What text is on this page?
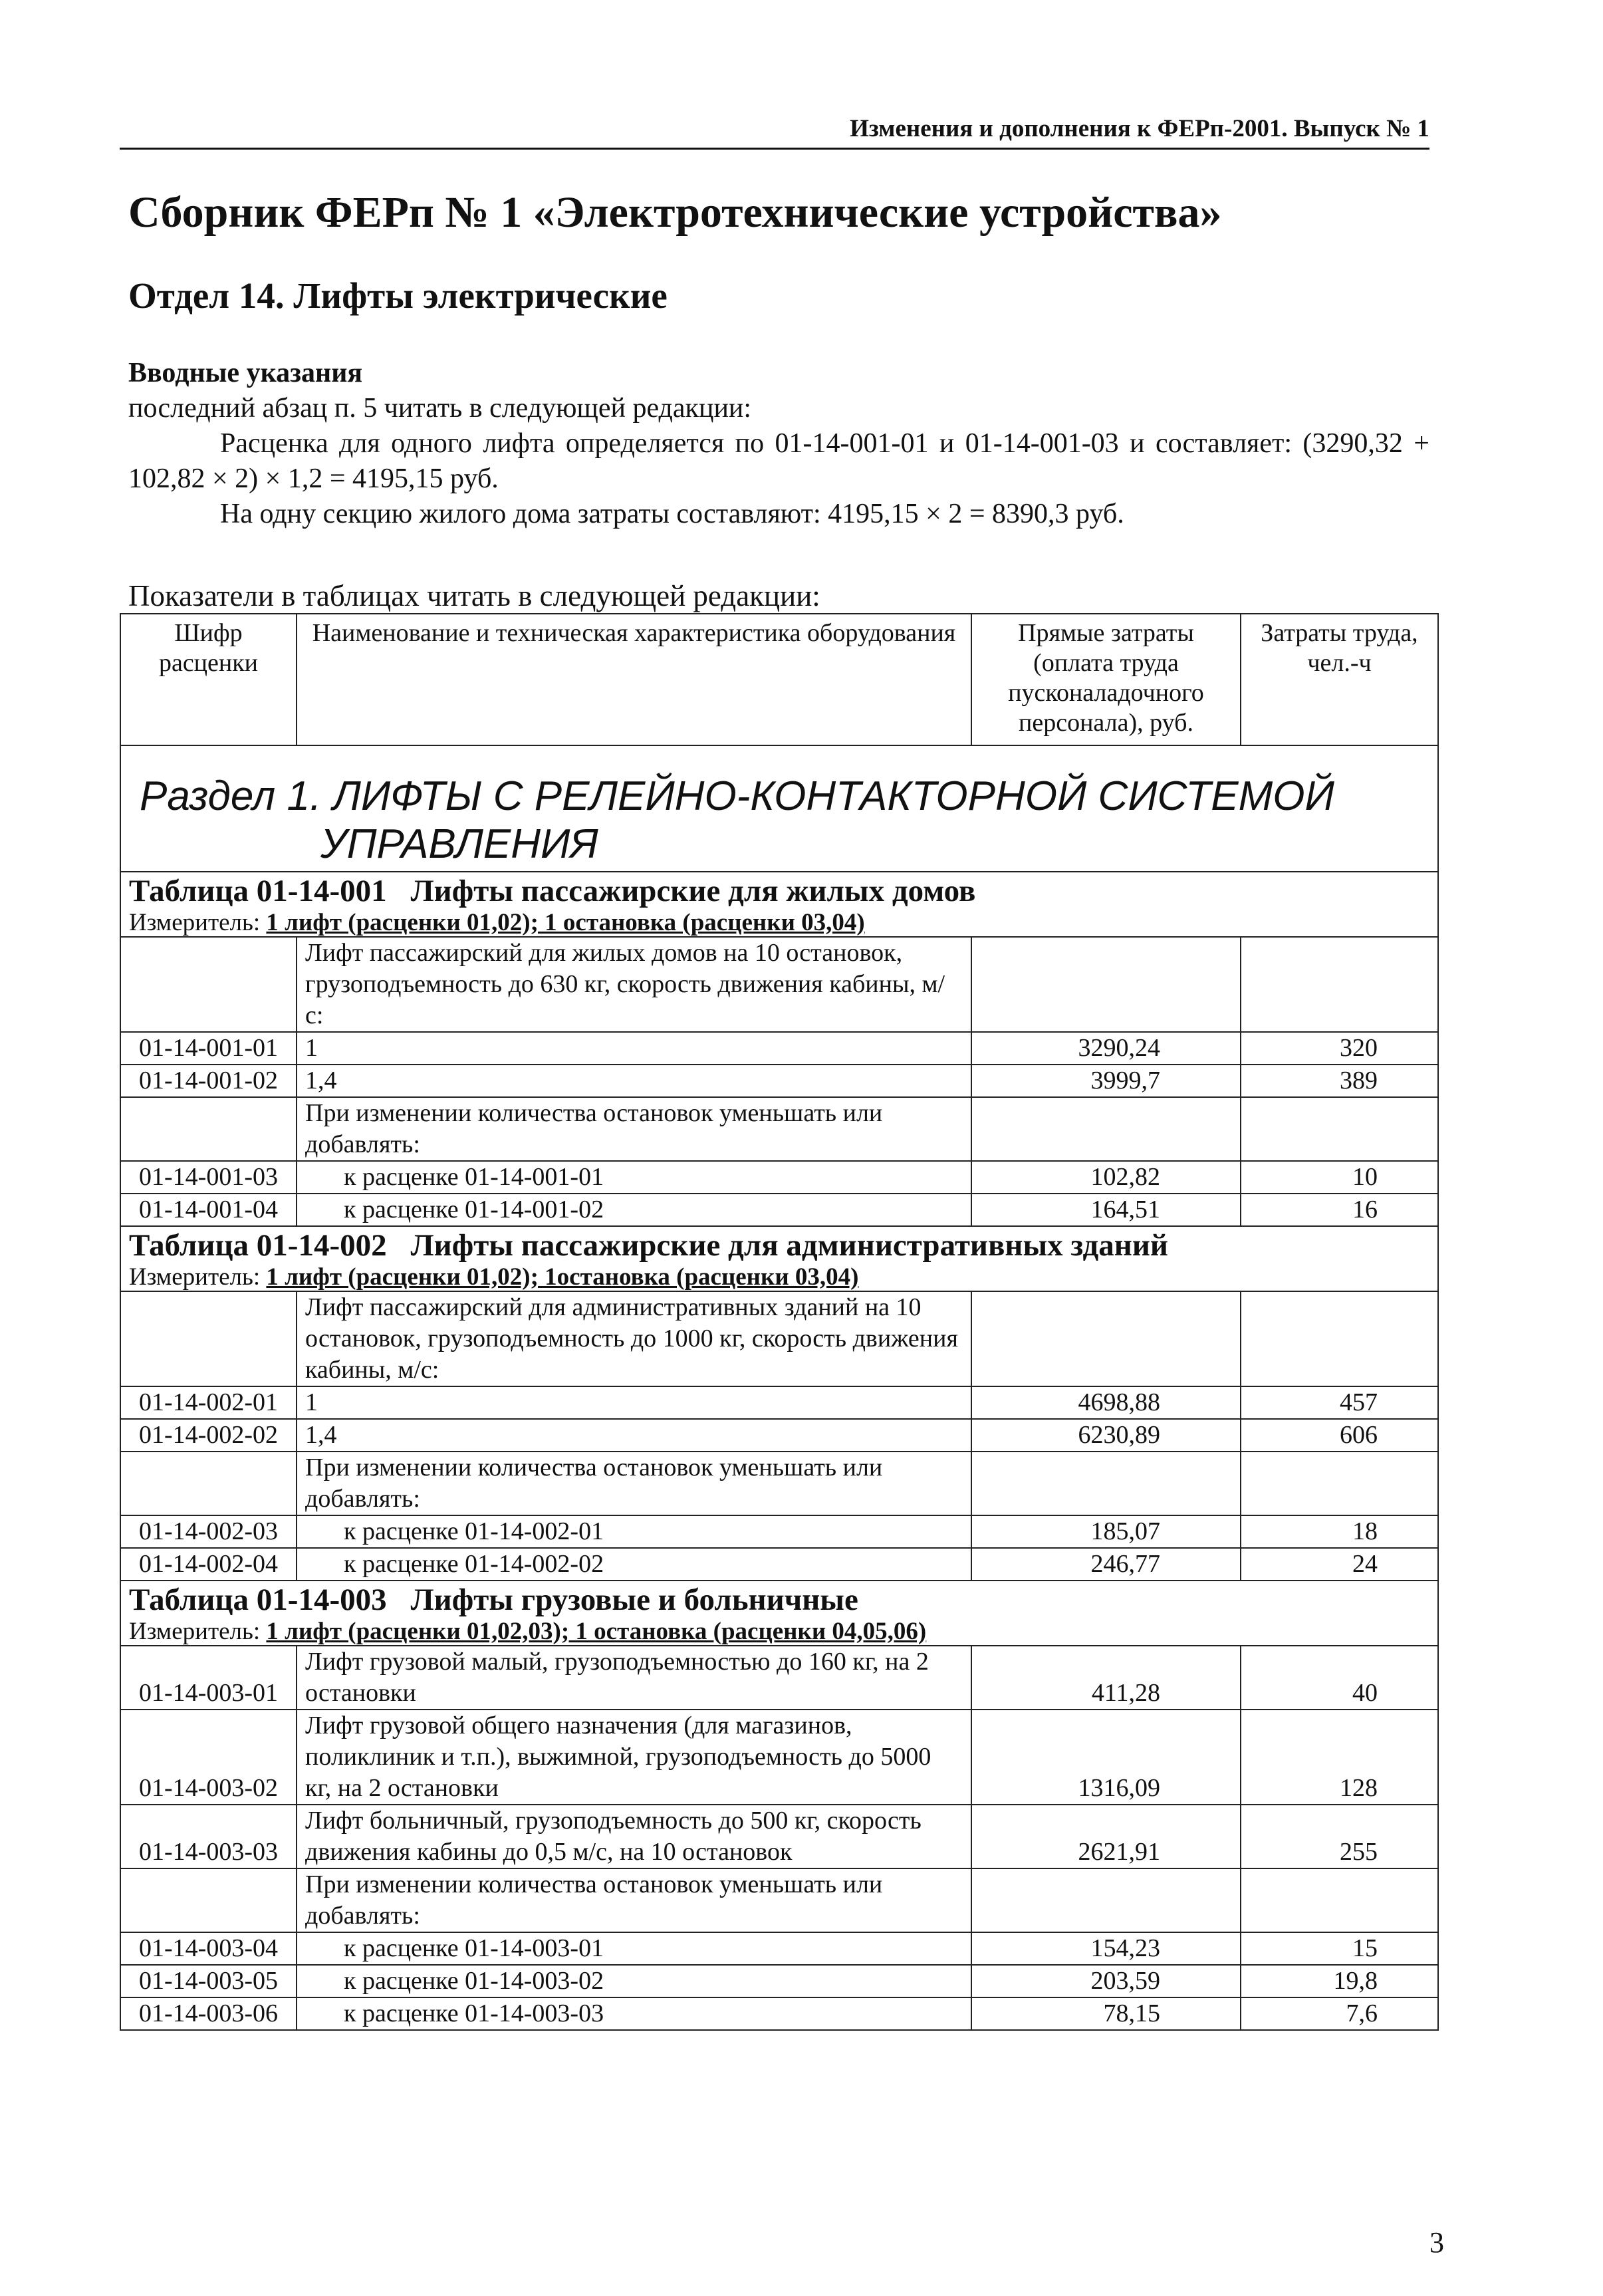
Изменения и дополнения к ФЕРп-2001. Выпуск № 1
Сборник ФЕРп № 1 «Электротехнические устройства»
Отдел 14. Лифты электрические

Вводные указания

последний абзац п. 5 читать в следующей редакции:

Расценка для одного лифта определяется по 01-14-001-01 и 01-14-001-03 и составляет: (3290,32 + 102,82 × 2) × 1,2 = 4195,15 руб.

На одну секцию жилого дома затраты составляют: 4195,15 × 2 = 8390,3 руб.

Показатели в таблицах читать в следующей редакции:
Шифр расценки	Наименование и техническая характеристика оборудования	Прямые затраты (оплата труда пусконаладочного персонала), руб.	Затраты труда, чел.-ч

Раздел 1. ЛИФТЫ С РЕЛЕЙНО-КОНТАКТОРНОЙ СИСТЕМОЙ
УПРАВЛЕНИЯ			

Таблица 01-14-001 Лифты пассажирские для жилых домов
Измеритель: 1 лифт (расценки 01,02); 1 остановка (расценки 03,04)			

	Лифт пассажирский для жилых домов на 10 остановок, грузоподъемность до 630 кг, скорость движения кабины, м/с:		
01-14-001-01	1	3290,24	320
01-14-001-02	1,4	3999,7	389
	При изменении количества остановок уменьшать или добавлять:		
01-14-001-03	к расценке 01-14-001-01	102,82	10
01-14-001-04	к расценке 01-14-001-02	164,51	16

Таблица 01-14-002 Лифты пассажирские для административных зданий
Измеритель: 1 лифт (расценки 01,02); 1остановка (расценки 03,04)			

	Лифт пассажирский для административных зданий на 10 остановок, грузоподъемность до 1000 кг, скорость движения кабины, м/с:		
01-14-002-01	1	4698,88	457
01-14-002-02	1,4	6230,89	606
	При изменении количества остановок уменьшать или добавлять:		
01-14-002-03	к расценке 01-14-002-01	185,07	18
01-14-002-04	к расценке 01-14-002-02	246,77	24

Таблица 01-14-003 Лифты грузовые и больничные
Измеритель: 1 лифт (расценки 01,02,03); 1 остановка (расценки 04,05,06)			

01-14-003-01	Лифт грузовой малый, грузоподъемностью до 160 кг, на 2 остановки	411,28	40
01-14-003-02	Лифт грузовой общего назначения (для магазинов, поликлиник и т.п.), выжимной, грузоподъемность до 5000 кг, на 2 остановки	1316,09	128
01-14-003-03	Лифт больничный, грузоподъемность до 500 кг, скорость движения кабины до 0,5 м/с, на 10 остановок	2621,91	255
	При изменении количества остановок уменьшать или добавлять:		
01-14-003-04	к расценке 01-14-003-01	154,23	15
01-14-003-05	к расценке 01-14-003-02	203,59	19,8
01-14-003-06	к расценке 01-14-003-03	78,15	7,6
3
